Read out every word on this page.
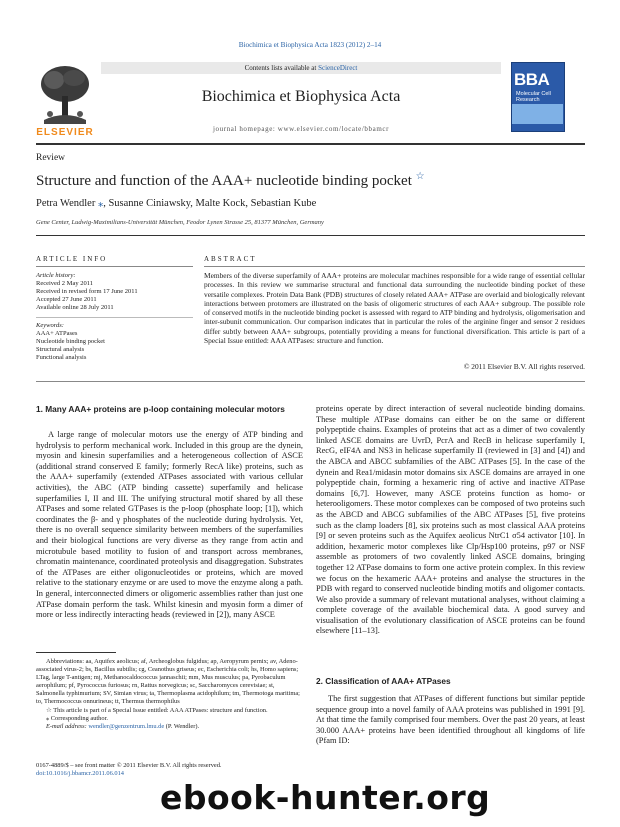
Biochimica et Biophysica Acta 1823 (2012) 2–14
ELSEVIER
Contents lists available at ScienceDirect
Biochimica et Biophysica Acta
journal homepage: www.elsevier.com/locate/bbamcr
BBA
Molecular Cell Research
Review
Structure and function of the AAA+ nucleotide binding pocket ☆
Petra Wendler ⁎, Susanne Ciniawsky, Malte Kock, Sebastian Kube
Gene Center, Ludwig-Maximilians-Universität München, Feodor Lynen Strasse 25, 81377 München, Germany
ARTICLE INFO	ABSTRACT
Article history:
Received 2 May 2011
Received in revised form 17 June 2011
Accepted 27 June 2011
Available online 28 July 2011
Keywords:
AAA+ ATPases
Nucleotide binding pocket
Structural analysis
Functional analysis
Members of the diverse superfamily of AAA+ proteins are molecular machines responsible for a wide range of essential cellular processes. In this review we summarise structural and functional data surrounding the nucleotide binding pocket of these versatile complexes. Protein Data Bank (PDB) structures of closely related AAA+ ATPase are overlaid and biologically relevant interactions between protomers are illustrated on the basis of oligomeric structures of each AAA+ subgroup. The possible role of conserved motifs in the nucleotide binding pocket is assessed with regard to ATP binding and hydrolysis, oligomerisation and inter-subunit communication. Our comparison indicates that in particular the roles of the arginine finger and sensor 2 residues differ subtly between AAA+ subgroups, potentially providing a means for functional diversification. This article is part of a Special Issue entitled: AAA ATPases: structure and function.
© 2011 Elsevier B.V. All rights reserved.
1. Many AAA+ proteins are p-loop containing molecular motors
A large range of molecular motors use the energy of ATP binding and hydrolysis to perform mechanical work. Included in this group are the dynein, myosin and kinesin superfamilies and a heterogeneous collection of ASCE (additional strand conserved E family; formerly RecA like) proteins, such as the AAA+ superfamily (extended ATPases associated with various cellular activities), the ABC (ATP binding cassette) superfamily and helicase superfamilies I, II and III. The unifying structural motif shared by all these ATPases and some related GTPases is the p-loop (phosphate loop; [1]), which coordinates the β- and γ phosphates of the nucleotide during hydrolysis. Yet, there is no overall sequence similarity between members of the superfamilies and their biological functions are very diverse as they range from actin and microtubule based motility to fusion of and transport across membranes, chromatin maintenance, coordinated proteolysis and disaggregation. Substrates of the ATPases are either oligonucleotides or proteins, which are moved relative to the stationary enzyme or are used to move the enzyme along a path. In general, interconnected dimers or oligomeric assemblies rather than just one ATPase domain perform the task. Whilst kinesin and myosin form a dimer of more or less indirectly interacting heads (reviewed in [2]), many ASCE
proteins operate by direct interaction of several nucleotide binding domains. These multiple ATPase domains can either be on the same or different polypeptide chains. Examples of proteins that act as a dimer of two covalently linked ASCE domains are UvrD, PcrA and RecB in helicase superfamily I, RecG, eIF4A and NS3 in helicase superfamily II (reviewed in [3] and [4]) and the ABCA and ABCC subfamilies of the ABC ATPases [5]. In the case of the dynein and Rea1/midasin motor domains six ASCE domains are arrayed in one polypeptide chain, forming a hexameric ring of active and inactive ATPase domains [6,7]. However, many ASCE proteins function as homo- or heterooligomers. These motor complexes can be composed of two proteins such as the ABCD and ABCG subfamilies of the ABC ATPases [5], five proteins such as the clamp loaders [8], six proteins such as most classical AAA proteins [9] or seven proteins such as the Aquifex aeolicus NtrC1 σ54 activator [10]. In addition, hexameric motor complexes like Clp/Hsp100 proteins, p97 or NSF assemble as protomers of two covalently linked ASCE domains, bringing together 12 ATPase domains to form one active protein complex. In this review we focus on the hexameric AAA+ proteins and analyse the structures in the PDB with regard to conserved nucleotide binding motifs and oligomer contacts. We also provide a summary of relevant mutational analyses, without claiming a complete coverage of the available biochemical data. A good survey and visualisation of the evolutionary classification of ASCE proteins can be found elsewhere [11–13].
2. Classification of AAA+ ATPases
The first suggestion that ATPases of different functions but similar peptide sequence group into a novel family of AAA proteins was published in 1991 [9]. At that time the family comprised four members. Over the past 20 years, at least 30.000 AAA+ proteins have been identified throughout all kingdoms of life (Pfam ID:
Abbreviations: aa, Aquifex aeolicus; af, Archeoglobus fulgidus; ap, Aeropyrum pernix; av, Adeno-associated virus-2; bs, Bacillus subtilis; cg, Ceanothus griseus; ec, Escherichia coli; hs, Homo sapiens; LTag, large T-antigen; mj, Methanocaldococcus jannaschii; mm, Mus musculus; pa, Pyrobaculum aerophilum; pf, Pyrococcus furiosus; rn, Rattus norvegicus; sc, Saccharomyces cerevisiae; st, Salmonella typhimurium; SV, Simian virus; ta, Thermoplasma acidophilum; tm, Thermotoga maritima; to, Thermococcus onnurineus; tt, Thermus thermophilus
☆ This article is part of a Special Issue entitled: AAA ATPases: structure and function.
⁎ Corresponding author.
E-mail address: wendler@genzentrum.lmu.de (P. Wendler).
0167-4889/$ – see front matter © 2011 Elsevier B.V. All rights reserved.
doi:10.1016/j.bbamcr.2011.06.014
ebook-hunter.org
